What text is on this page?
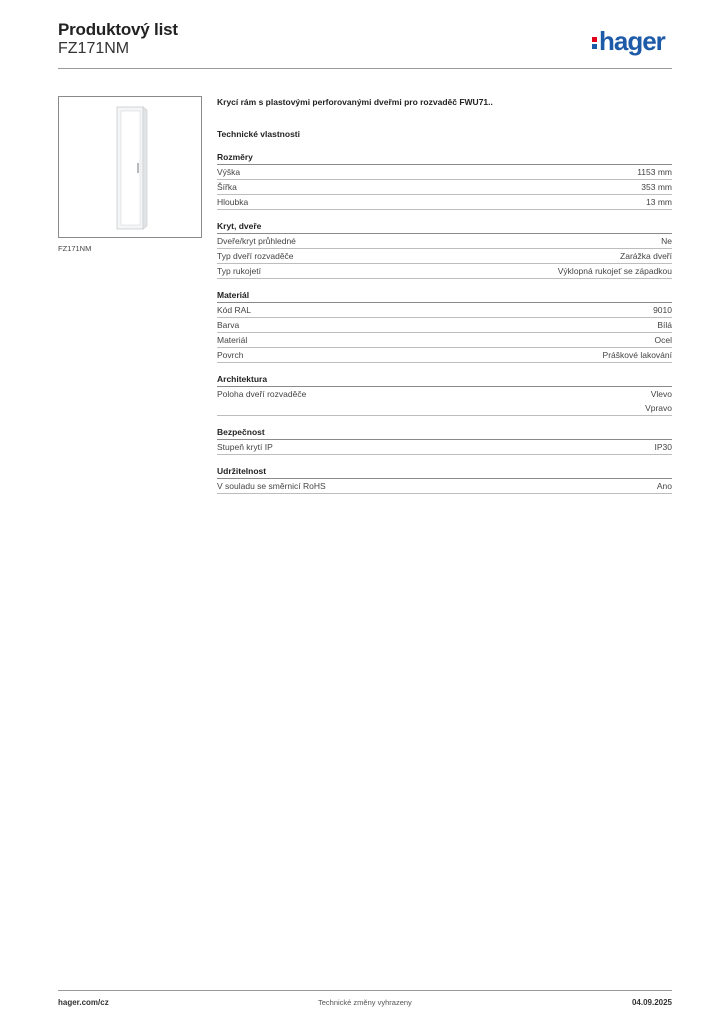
Produktový list
FZ171NM	hager
FZ171NM
Krycí rám s plastovými perforovanými dveřmi pro rozvaděč FWU71..
Technické vlastnosti
Rozměry
Výška	1153 mm
Šířka	353 mm
Hloubka	13 mm
Kryt, dveře
Dveře/kryt průhledné	Ne
Typ dveří rozvaděče	Zarážka dveří
Typ rukojetí	Výklopná rukojeť se západkou
Materiál
Kód RAL	9010
Barva	Bílá
Materiál	Ocel
Povrch	Práškové lakování
Architektura
Poloha dveří rozvaděče	Vlevo
Vpravo
Bezpečnost
Stupeň krytí IP	IP30
Udržitelnost
V souladu se směrnicí RoHS	Ano
hager.com/cz	Technické změny vyhrazeny	04.09.2025
